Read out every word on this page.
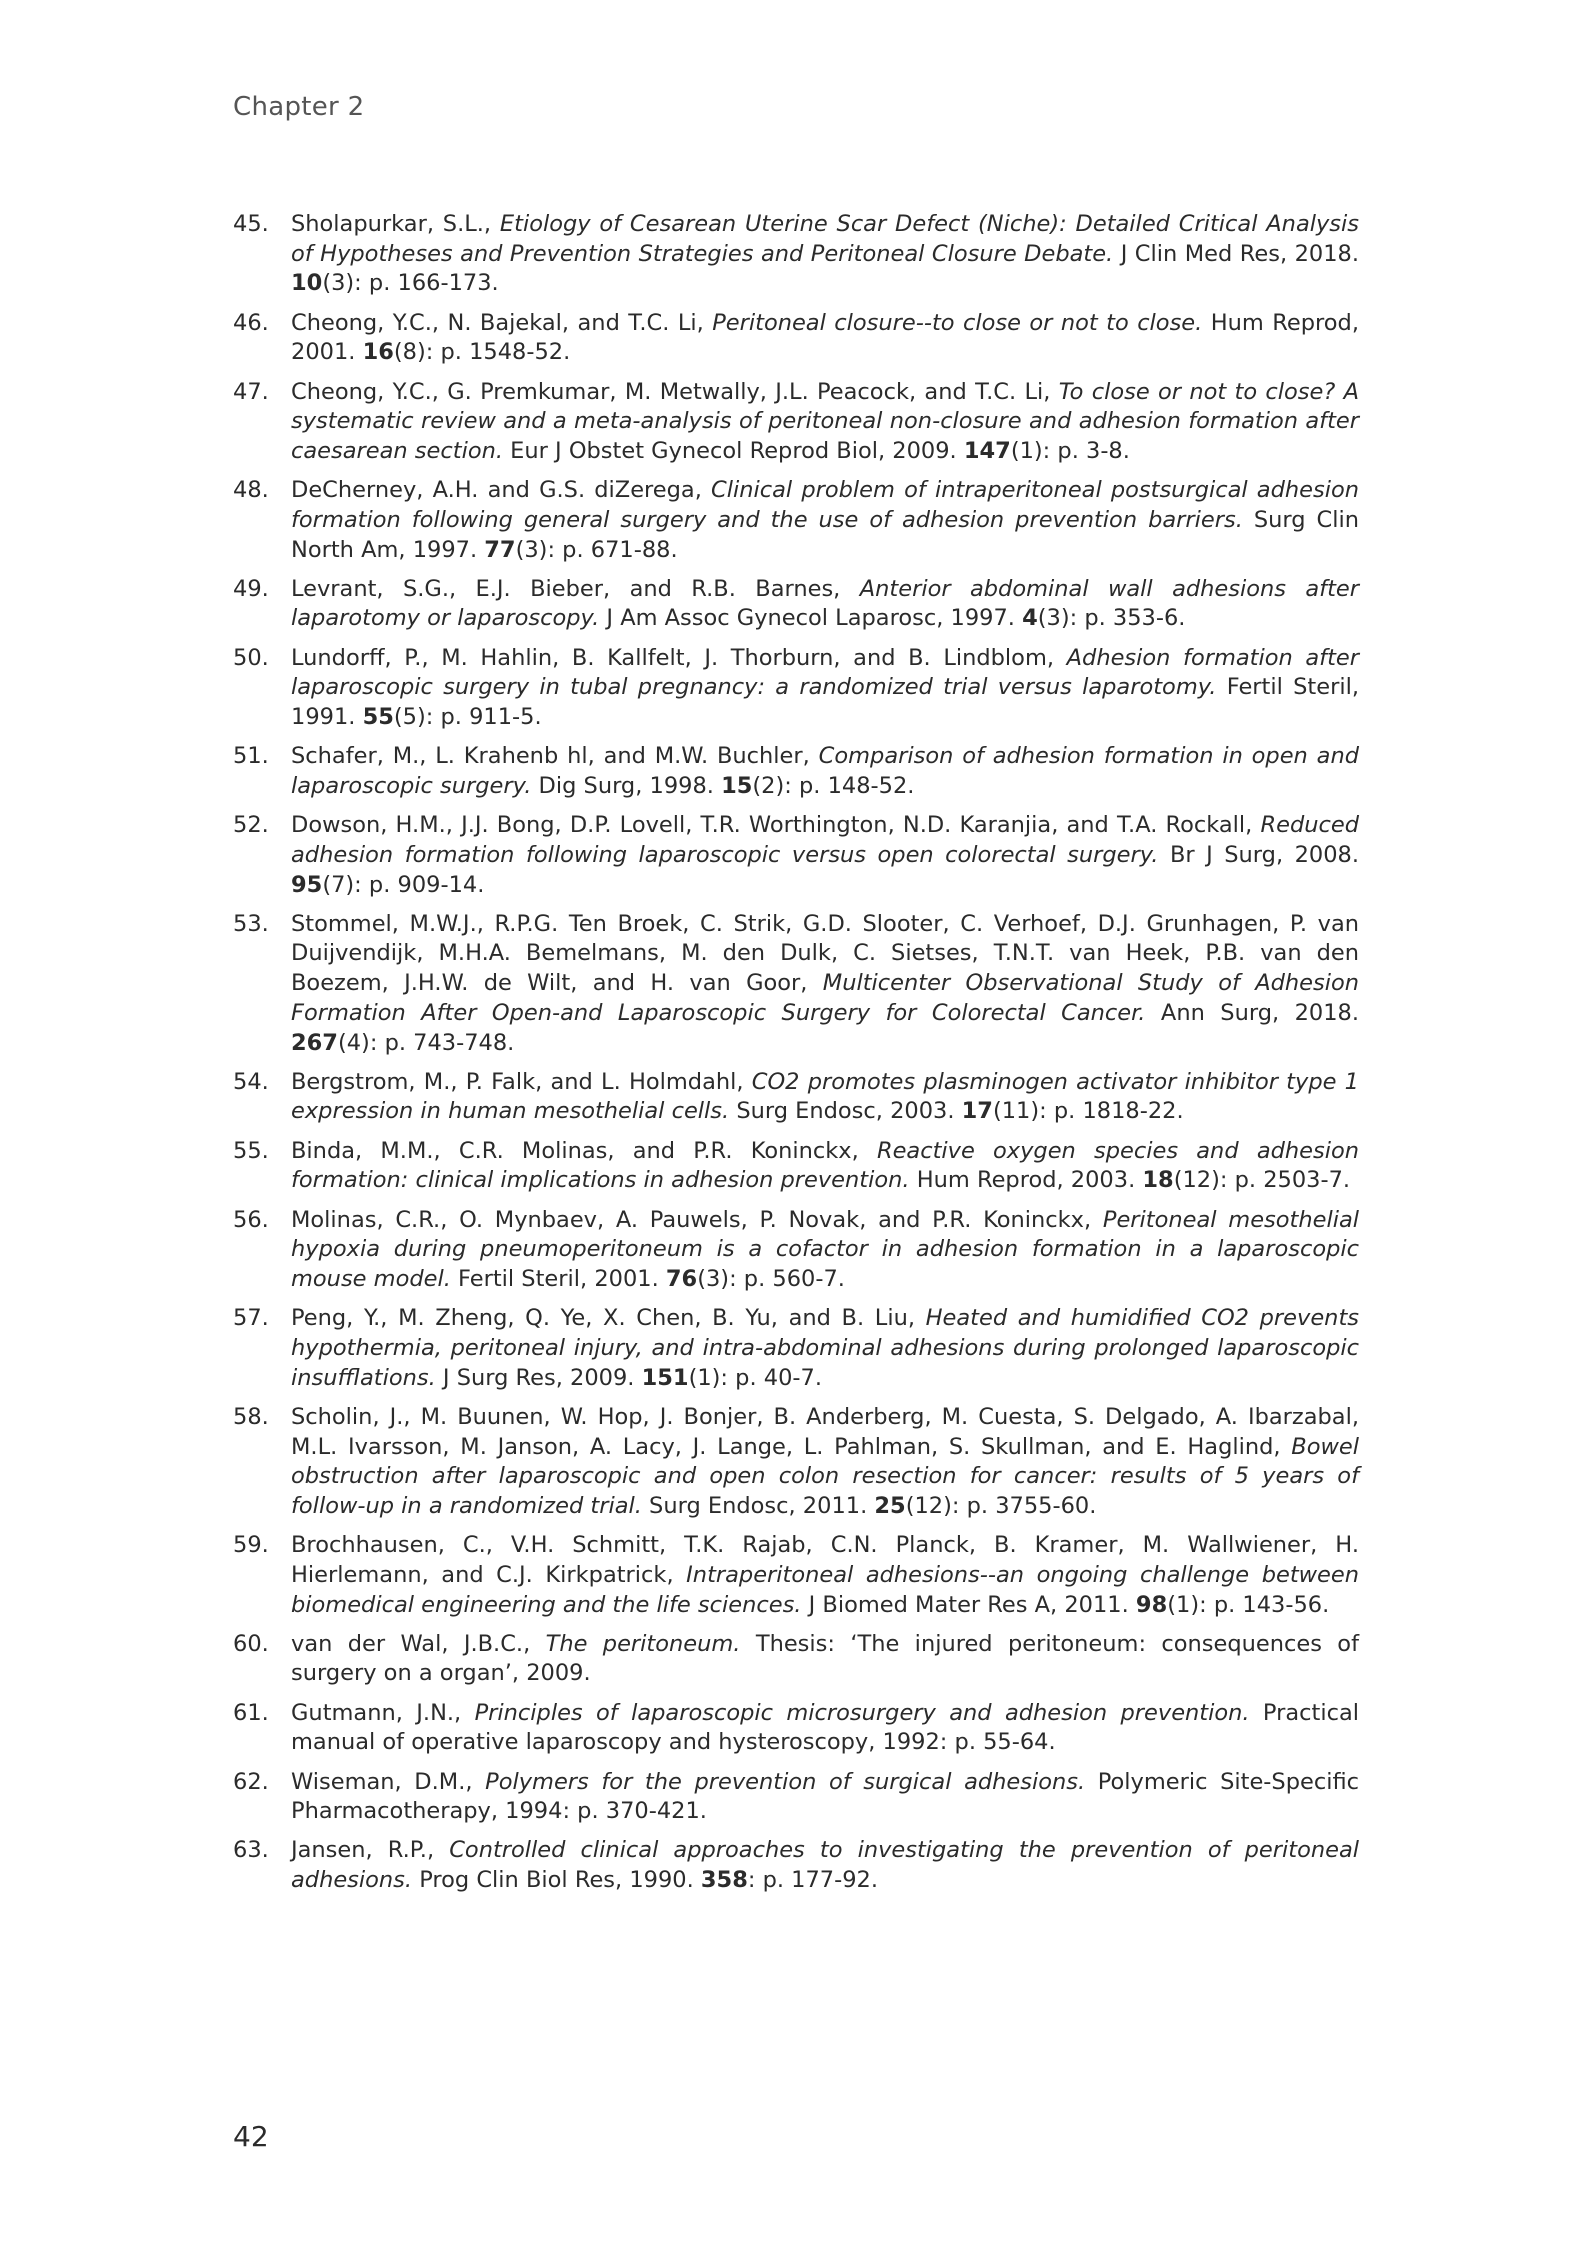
Chapter 2
45. Sholapurkar, S.L., Etiology of Cesarean Uterine Scar Defect (Niche): Detailed Critical Analysis of Hypotheses and Prevention Strategies and Peritoneal Closure Debate. J Clin Med Res, 2018. 10(3): p. 166-173.
46. Cheong, Y.C., N. Bajekal, and T.C. Li, Peritoneal closure--to close or not to close. Hum Reprod, 2001. 16(8): p. 1548-52.
47. Cheong, Y.C., G. Premkumar, M. Metwally, J.L. Peacock, and T.C. Li, To close or not to close? A systematic review and a meta-analysis of peritoneal non-closure and adhesion formation after caesarean section. Eur J Obstet Gynecol Reprod Biol, 2009. 147(1): p. 3-8.
48. DeCherney, A.H. and G.S. diZerega, Clinical problem of intraperitoneal postsurgical adhesion formation following general surgery and the use of adhesion prevention barriers. Surg Clin North Am, 1997. 77(3): p. 671-88.
49. Levrant, S.G., E.J. Bieber, and R.B. Barnes, Anterior abdominal wall adhesions after laparotomy or laparoscopy. J Am Assoc Gynecol Laparosc, 1997. 4(3): p. 353-6.
50. Lundorff, P., M. Hahlin, B. Kallfelt, J. Thorburn, and B. Lindblom, Adhesion formation after laparoscopic surgery in tubal pregnancy: a randomized trial versus laparotomy. Fertil Steril, 1991. 55(5): p. 911-5.
51. Schafer, M., L. Krahenb hl, and M.W. Buchler, Comparison of adhesion formation in open and laparoscopic surgery. Dig Surg, 1998. 15(2): p. 148-52.
52. Dowson, H.M., J.J. Bong, D.P. Lovell, T.R. Worthington, N.D. Karanjia, and T.A. Rockall, Reduced adhesion formation following laparoscopic versus open colorectal surgery. Br J Surg, 2008. 95(7): p. 909-14.
53. Stommel, M.W.J., R.P.G. Ten Broek, C. Strik, G.D. Slooter, C. Verhoef, D.J. Grunhagen, P. van Duijvendijk, M.H.A. Bemelmans, M. den Dulk, C. Sietses, T.N.T. van Heek, P.B. van den Boezem, J.H.W. de Wilt, and H. van Goor, Multicenter Observational Study of Adhesion Formation After Open-and Laparoscopic Surgery for Colorectal Cancer. Ann Surg, 2018. 267(4): p. 743-748.
54. Bergstrom, M., P. Falk, and L. Holmdahl, CO2 promotes plasminogen activator inhibitor type 1 expression in human mesothelial cells. Surg Endosc, 2003. 17(11): p. 1818-22.
55. Binda, M.M., C.R. Molinas, and P.R. Koninckx, Reactive oxygen species and adhesion formation: clinical implications in adhesion prevention. Hum Reprod, 2003. 18(12): p. 2503-7.
56. Molinas, C.R., O. Mynbaev, A. Pauwels, P. Novak, and P.R. Koninckx, Peritoneal mesothelial hypoxia during pneumoperitoneum is a cofactor in adhesion formation in a laparoscopic mouse model. Fertil Steril, 2001. 76(3): p. 560-7.
57. Peng, Y., M. Zheng, Q. Ye, X. Chen, B. Yu, and B. Liu, Heated and humidified CO2 prevents hypothermia, peritoneal injury, and intra-abdominal adhesions during prolonged laparoscopic insufflations. J Surg Res, 2009. 151(1): p. 40-7.
58. Scholin, J., M. Buunen, W. Hop, J. Bonjer, B. Anderberg, M. Cuesta, S. Delgado, A. Ibarzabal, M.L. Ivarsson, M. Janson, A. Lacy, J. Lange, L. Pahlman, S. Skullman, and E. Haglind, Bowel obstruction after laparoscopic and open colon resection for cancer: results of 5 years of follow-up in a randomized trial. Surg Endosc, 2011. 25(12): p. 3755-60.
59. Brochhausen, C., V.H. Schmitt, T.K. Rajab, C.N. Planck, B. Kramer, M. Wallwiener, H. Hierlemann, and C.J. Kirkpatrick, Intraperitoneal adhesions--an ongoing challenge between biomedical engineering and the life sciences. J Biomed Mater Res A, 2011. 98(1): p. 143-56.
60. van der Wal, J.B.C., The peritoneum. Thesis: ‘The injured peritoneum: consequences of surgery on a organ’, 2009.
61. Gutmann, J.N., Principles of laparoscopic microsurgery and adhesion prevention. Practical manual of operative laparoscopy and hysteroscopy, 1992: p. 55-64.
62. Wiseman, D.M., Polymers for the prevention of surgical adhesions. Polymeric Site-Specific Pharmacotherapy, 1994: p. 370-421.
63. Jansen, R.P., Controlled clinical approaches to investigating the prevention of peritoneal adhesions. Prog Clin Biol Res, 1990. 358: p. 177-92.
42
